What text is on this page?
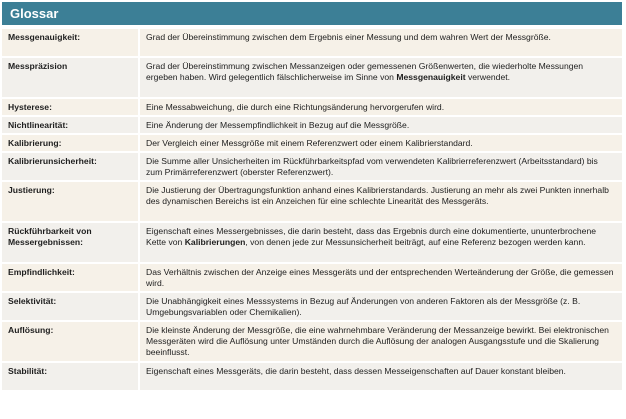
Glossar
Messgenauigkeit:	Grad der Übereinstimmung zwischen dem Ergebnis einer Messung und dem wahren Wert der Messgröße.
Messpräzision	Grad der Übereinstimmung zwischen Messanzeigen oder gemessenen Größenwerten, die wiederholte Messungen ergeben haben. Wird gelegentlich fälschlicherweise im Sinne von Messgenauigkeit verwendet.
Hysterese:	Eine Messabweichung, die durch eine Richtungsänderung hervorgerufen wird.
Nichtlinearität:	Eine Änderung der Messempfindlichkeit in Bezug auf die Messgröße.
Kalibrierung:	Der Vergleich einer Messgröße mit einem Referenzwert oder einem Kalibrierstandard.
Kalibrierunsicherheit:	Die Summe aller Unsicherheiten im Rückführbarkeitspfad vom verwendeten Kalibrierreferenzwert (Arbeitsstandard) bis zum Primärreferenzwert (oberster Referenzwert).
Justierung:	Die Justierung der Übertragungsfunktion anhand eines Kalibrierstandards. Justierung an mehr als zwei Punkten innerhalb des dynamischen Bereichs ist ein Anzeichen für eine schlechte Linearität des Messgeräts.
Rückführbarkeit von Messergebnissen:	Eigenschaft eines Messergebnisses, die darin besteht, dass das Ergebnis durch eine dokumentierte, ununterbrochene Kette von Kalibrierungen, von denen jede zur Messunsicherheit beiträgt, auf eine Referenz bezogen werden kann.
Empfindlichkeit:	Das Verhältnis zwischen der Anzeige eines Messgeräts und der entsprechenden Werteänderung der Größe, die gemessen wird.
Selektivität:	Die Unabhängigkeit eines Messsystems in Bezug auf Änderungen von anderen Faktoren als der Messgröße (z. B. Umgebungsvariablen oder Chemikalien).
Auflösung:	Die kleinste Änderung der Messgröße, die eine wahrnehmbare Veränderung der Messanzeige bewirkt. Bei elektronischen Messgeräten wird die Auflösung unter Umständen durch die Auflösung der analogen Ausgangsstufe und die Skalierung beeinflusst.
Stabilität:	Eigenschaft eines Messgeräts, die darin besteht, dass dessen Messeigenschaften auf Dauer konstant bleiben.
